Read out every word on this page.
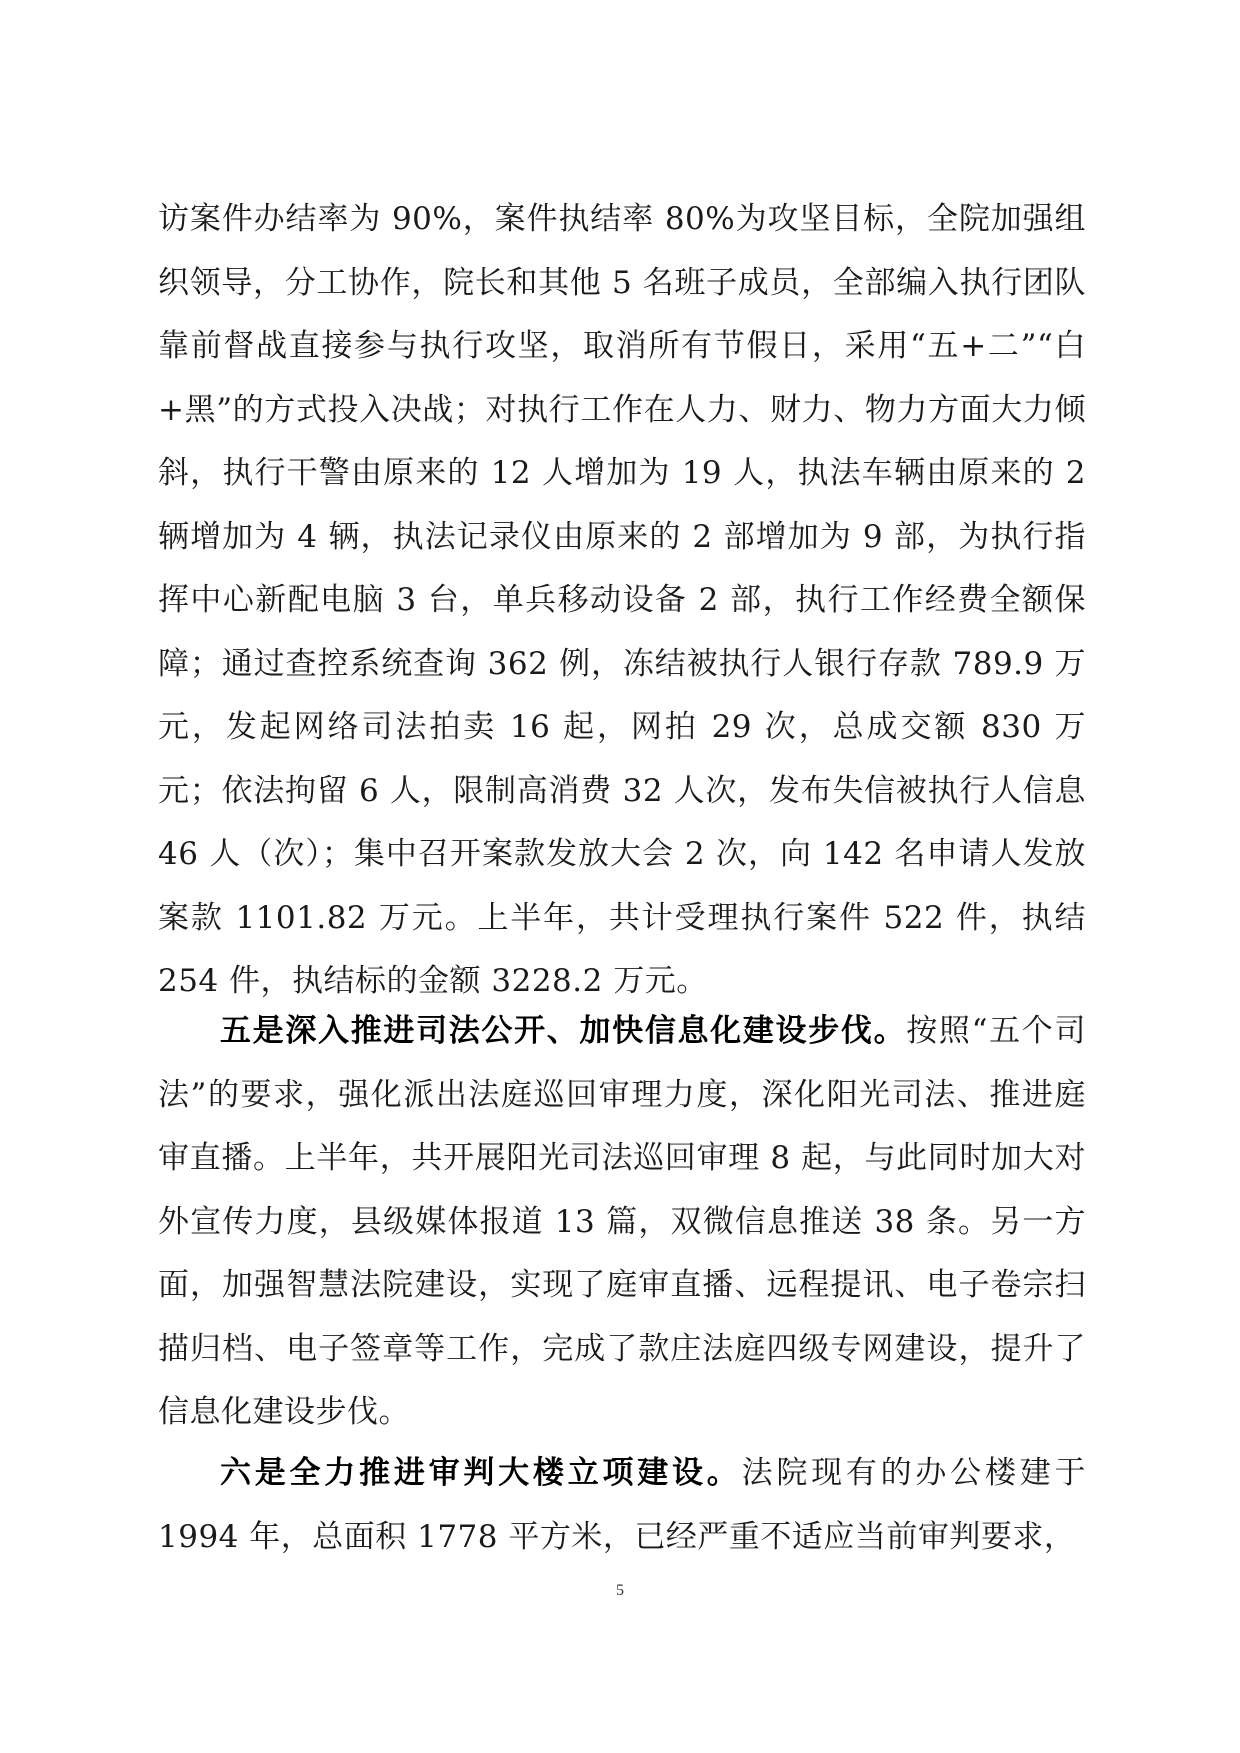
访案件办结率为 90%，案件执结率 80%为攻坚目标，全院加强组织领导，分工协作，院长和其他 5 名班子成员，全部编入执行团队靠前督战直接参与执行攻坚，取消所有节假日，采用“五+二”“白+黑”的方式投入决战；对执行工作在人力、财力、物力方面大力倾斜，执行干警由原来的 12 人增加为 19 人，执法车辆由原来的 2 辆增加为 4 辆，执法记录仪由原来的 2 部增加为 9 部，为执行指挥中心新配电脑 3 台，单兵移动设备 2 部，执行工作经费全额保障；通过查控系统查询 362 例，冻结被执行人银行存款 789.9 万元，发起网络司法拍卖 16 起，网拍 29 次，总成交额 830 万元；依法拘留 6 人，限制高消费 32 人次，发布失信被执行人信息 46 人（次）；集中召开案款发放大会 2 次，向 142 名申请人发放案款 1101.82 万元。上半年，共计受理执行案件 522 件，执结 254 件，执结标的金额 3228.2 万元。

五是深入推进司法公开、加快信息化建设步伐。按照“五个司法”的要求，强化派出法庭巡回审理力度，深化阳光司法、推进庭审直播。上半年，共开展阳光司法巡回审理 8 起，与此同时加大对外宣传力度，县级媒体报道 13 篇，双微信息推送 38 条。另一方面，加强智慧法院建设，实现了庭审直播、远程提讯、电子卷宗扫描归档、电子签章等工作，完成了款庄法庭四级专网建设，提升了信息化建设步伐。

六是全力推进审判大楼立项建设。法院现有的办公楼建于 1994 年，总面积 1778 平方米，已经严重不适应当前审判要求，

5
